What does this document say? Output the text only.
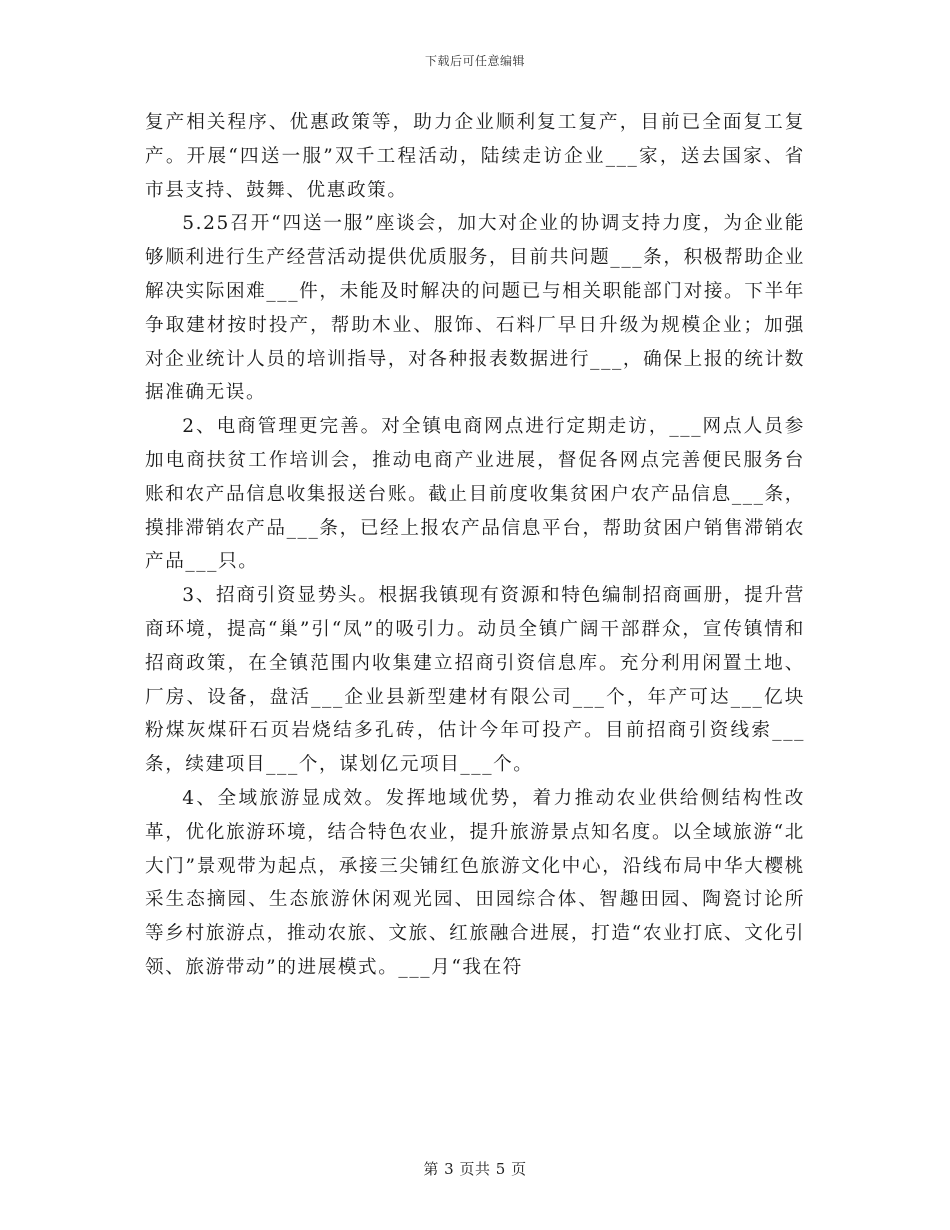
下载后可任意编辑

复产相关程序、优惠政策等，助力企业顺利复工复产，目前已全面复工复产。开展“四送一服”双千工程活动，陆续走访企业___家，送去国家、省市县支持、鼓舞、优惠政策。

5.25召开“四送一服”座谈会，加大对企业的协调支持力度，为企业能够顺利进行生产经营活动提供优质服务，目前共问题___条，积极帮助企业解决实际困难___件，未能及时解决的问题已与相关职能部门对接。下半年争取建材按时投产，帮助木业、服饰、石料厂早日升级为规模企业；加强对企业统计人员的培训指导，对各种报表数据进行___，确保上报的统计数据准确无误。

2、电商管理更完善。对全镇电商网点进行定期走访，___网点人员参加电商扶贫工作培训会，推动电商产业进展，督促各网点完善便民服务台账和农产品信息收集报送台账。截止目前度收集贫困户农产品信息___条，摸排滞销农产品___条，已经上报农产品信息平台，帮助贫困户销售滞销农产品___只。

3、招商引资显势头。根据我镇现有资源和特色编制招商画册，提升营商环境，提高“巢”引“凤”的吸引力。动员全镇广阔干部群众，宣传镇情和招商政策，在全镇范围内收集建立招商引资信息库。充分利用闲置土地、厂房、设备，盘活___企业县新型建材有限公司___个，年产可达___亿块粉煤灰煤矸石页岩烧结多孔砖，估计今年可投产。目前招商引资线索___条，续建项目___个，谋划亿元项目___个。

4、全域旅游显成效。发挥地域优势，着力推动农业供给侧结构性改革，优化旅游环境，结合特色农业，提升旅游景点知名度。以全域旅游“北大门”景观带为起点，承接三尖铺红色旅游文化中心，沿线布局中华大樱桃采生态摘园、生态旅游休闲观光园、田园综合体、智趣田园、陶瓷讨论所等乡村旅游点，推动农旅、文旅、红旅融合进展，打造“农业打底、文化引领、旅游带动”的进展模式。___月“我在符

第 3 页共 5 页
